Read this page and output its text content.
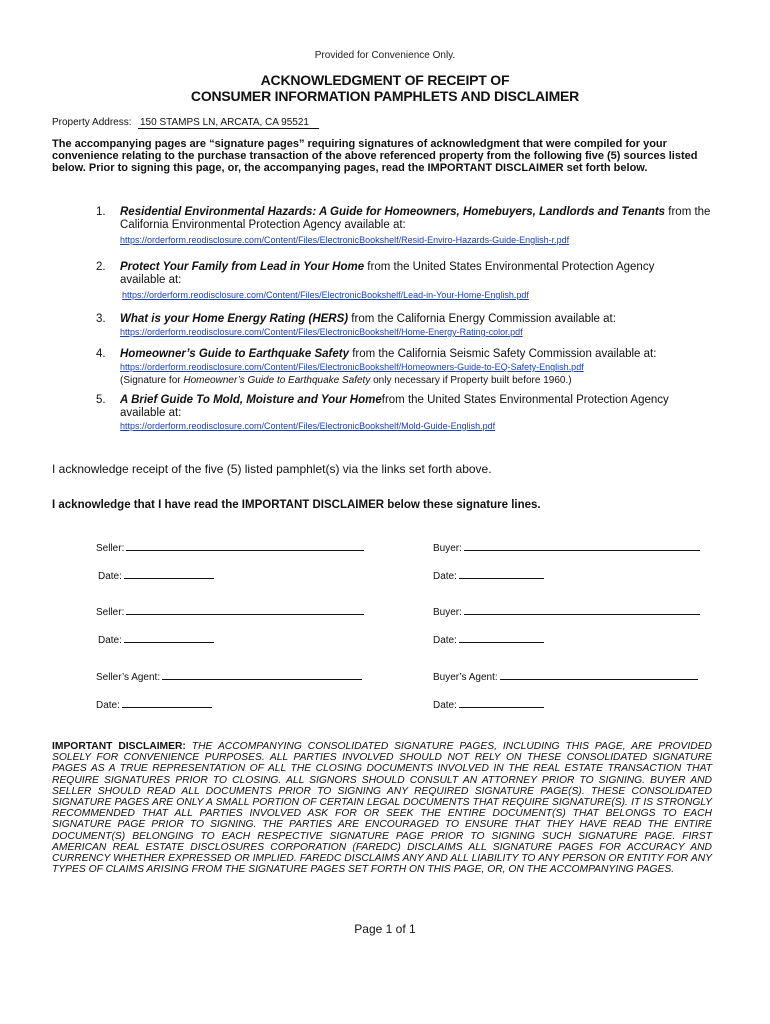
Provided for Convenience Only.
ACKNOWLEDGMENT OF RECEIPT OF
CONSUMER INFORMATION PAMPHLETS AND DISCLAIMER
Property Address: 150 STAMPS LN, ARCATA, CA 95521
The accompanying pages are “signature pages” requiring signatures of acknowledgment that were compiled for your convenience relating to the purchase transaction of the above referenced property from the following five (5) sources listed below. Prior to signing this page, or, the accompanying pages, read the IMPORTANT DISCLAIMER set forth below.
1. Residential Environmental Hazards: A Guide for Homeowners, Homebuyers, Landlords and Tenants from the California Environmental Protection Agency available at:
https://orderform.reodisclosure.com/Content/Files/ElectronicBookshelf/Resid-Enviro-Hazards-Guide-English-r.pdf
2. Protect Your Family from Lead in Your Home from the United States Environmental Protection Agency available at:
https://orderform.reodisclosure.com/Content/Files/ElectronicBookshelf/Lead-in-Your-Home-English.pdf
3. What is your Home Energy Rating (HERS) from the California Energy Commission available at:
https://orderform.reodisclosure.com/Content/Files/ElectronicBookshelf/Home-Energy-Rating-color.pdf
4. Homeowner’s Guide to Earthquake Safety from the California Seismic Safety Commission available at:
https://orderform.reodisclosure.com/Content/Files/ElectronicBookshelf/Homeowners-Guide-to-EQ-Safety-English.pdf
(Signature for Homeowner’s Guide to Earthquake Safety only necessary if Property built before 1960.)
5. A Brief Guide To Mold, Moisture and Your Homefrom the United States Environmental Protection Agency available at:
https://orderform.reodisclosure.com/Content/Files/ElectronicBookshelf/Mold-Guide-English.pdf
I acknowledge receipt of the five (5) listed pamphlet(s) via the links set forth above.
I acknowledge that I have read the IMPORTANT DISCLAIMER below these signature lines.
Seller:	Buyer:
Date:	Date:
Seller:	Buyer:
Date:	Date:
Seller’s Agent:	Buyer’s Agent:
Date:	Date:
IMPORTANT DISCLAIMER: THE ACCOMPANYING CONSOLIDATED SIGNATURE PAGES, INCLUDING THIS PAGE, ARE PROVIDED SOLELY FOR CONVENIENCE PURPOSES. ALL PARTIES INVOLVED SHOULD NOT RELY ON THESE CONSOLIDATED SIGNATURE PAGES AS A TRUE REPRESENTATION OF ALL THE CLOSING DOCUMENTS INVOLVED IN THE REAL ESTATE TRANSACTION THAT REQUIRE SIGNATURES PRIOR TO CLOSING. ALL SIGNORS SHOULD CONSULT AN ATTORNEY PRIOR TO SIGNING. BUYER AND SELLER SHOULD READ ALL DOCUMENTS PRIOR TO SIGNING ANY REQUIRED SIGNATURE PAGE(S). THESE CONSOLIDATED SIGNATURE PAGES ARE ONLY A SMALL PORTION OF CERTAIN LEGAL DOCUMENTS THAT REQUIRE SIGNATURE(S). IT IS STRONGLY RECOMMENDED THAT ALL PARTIES INVOLVED ASK FOR OR SEEK THE ENTIRE DOCUMENT(S) THAT BELONGS TO EACH SIGNATURE PAGE PRIOR TO SIGNING. THE PARTIES ARE ENCOURAGED TO ENSURE THAT THEY HAVE READ THE ENTIRE DOCUMENT(S) BELONGING TO EACH RESPECTIVE SIGNATURE PAGE PRIOR TO SIGNING SUCH SIGNATURE PAGE. FIRST AMERICAN REAL ESTATE DISCLOSURES CORPORATION (FAREDC) DISCLAIMS ALL SIGNATURE PAGES FOR ACCURACY AND CURRENCY WHETHER EXPRESSED OR IMPLIED. FAREDC DISCLAIMS ANY AND ALL LIABILITY TO ANY PERSON OR ENTITY FOR ANY TYPES OF CLAIMS ARISING FROM THE SIGNATURE PAGES SET FORTH ON THIS PAGE, OR, ON THE ACCOMPANYING PAGES.
Page 1 of 1
